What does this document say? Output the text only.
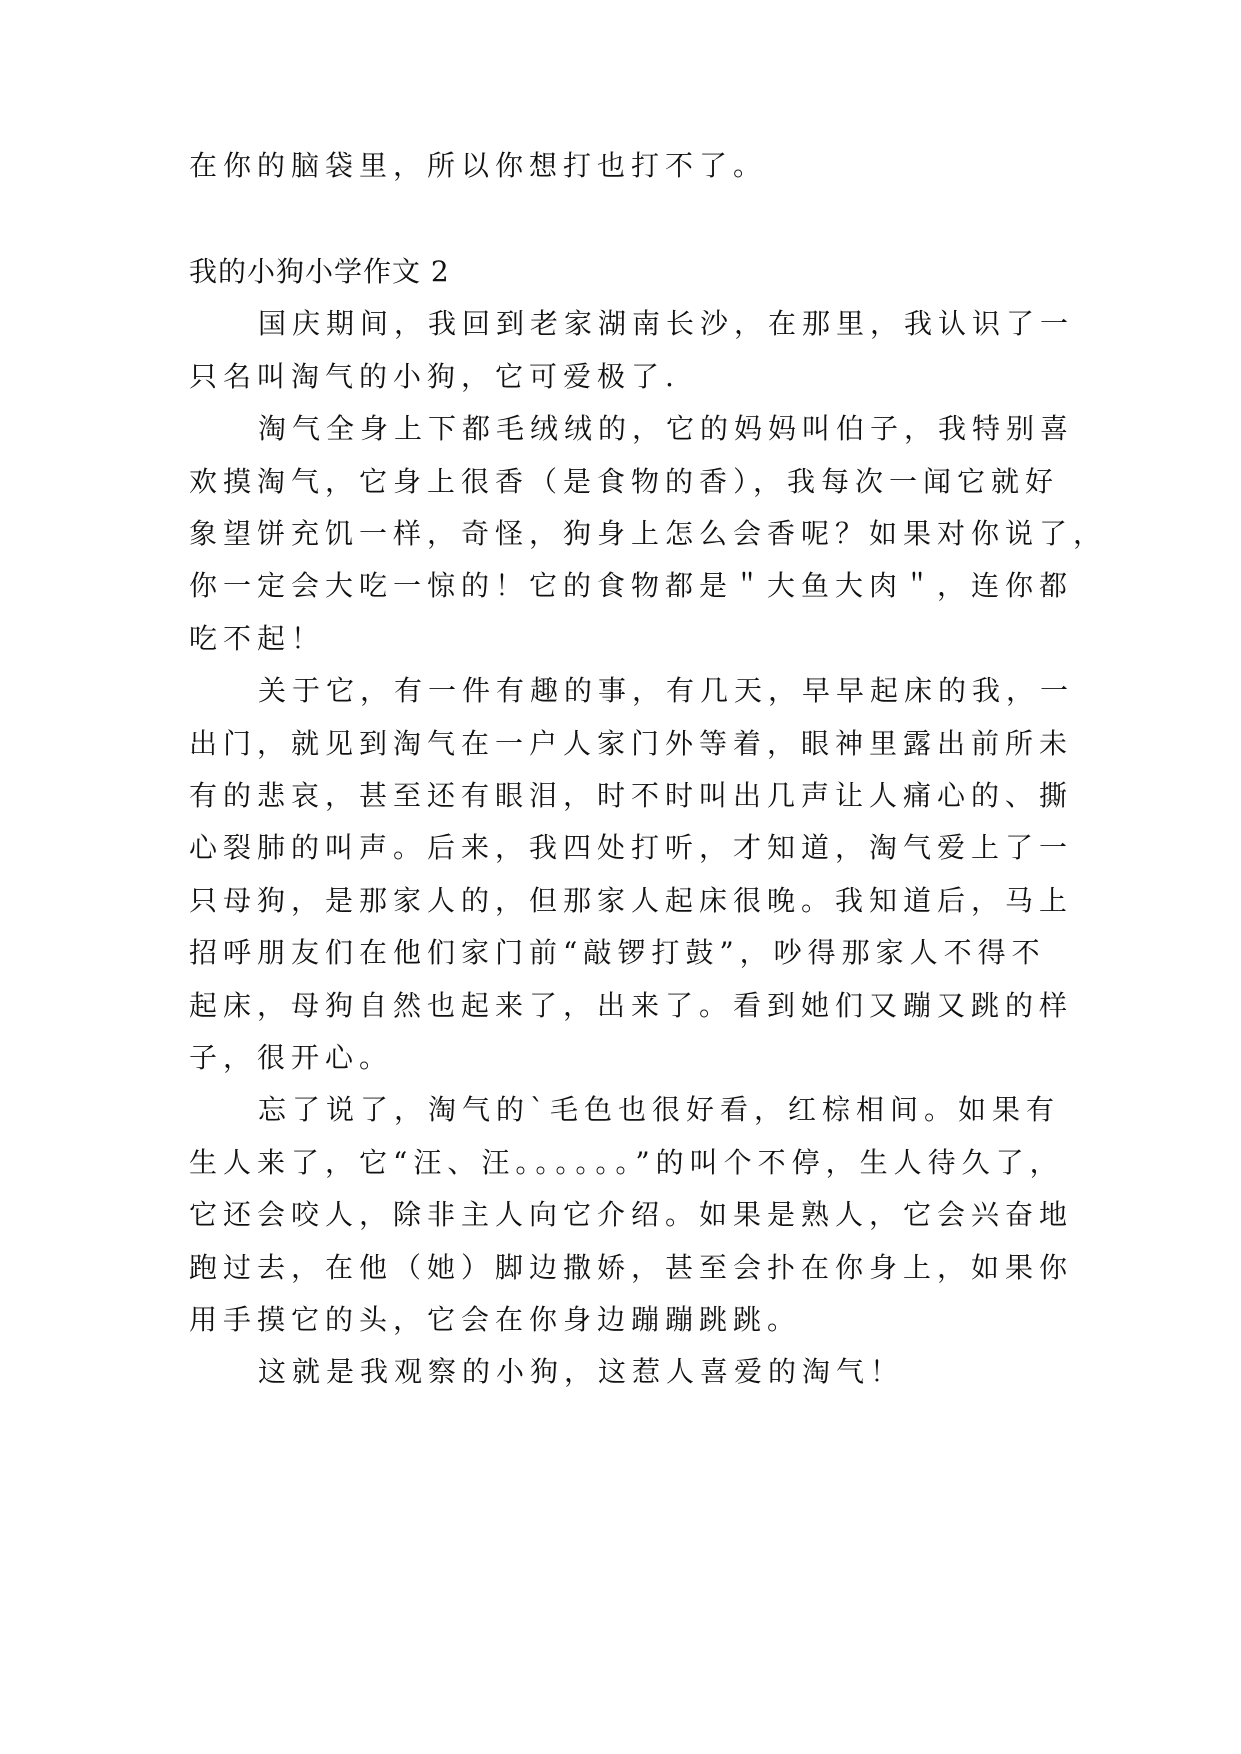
在你的脑袋里，所以你想打也打不了。
我的小狗小学作文 2
国庆期间，我回到老家湖南长沙，在那里，我认识了一
只名叫淘气的小狗，它可爱极了.
淘气全身上下都毛绒绒的，它的妈妈叫伯子，我特别喜
欢摸淘气，它身上很香（是食物的香），我每次一闻它就好
象望饼充饥一样，奇怪，狗身上怎么会香呢？如果对你说了，
你一定会大吃一惊的！它的食物都是＂大鱼大肉＂，连你都
吃不起！
关于它，有一件有趣的事，有几天，早早起床的我，一
出门，就见到淘气在一户人家门外等着，眼神里露出前所未
有的悲哀，甚至还有眼泪，时不时叫出几声让人痛心的、撕
心裂肺的叫声。后来，我四处打听，才知道，淘气爱上了一
只母狗，是那家人的，但那家人起床很晚。我知道后，马上
招呼朋友们在他们家门前“敲锣打鼓”，吵得那家人不得不
起床，母狗自然也起来了，出来了。看到她们又蹦又跳的样
子，很开心。
忘了说了，淘气的`毛色也很好看，红棕相间。如果有
生人来了，它“汪、汪。。。。。。”的叫个不停，生人待久了，
它还会咬人，除非主人向它介绍。如果是熟人，它会兴奋地
跑过去，在他（她）脚边撒娇，甚至会扑在你身上，如果你
用手摸它的头，它会在你身边蹦蹦跳跳。
这就是我观察的小狗，这惹人喜爱的淘气！
